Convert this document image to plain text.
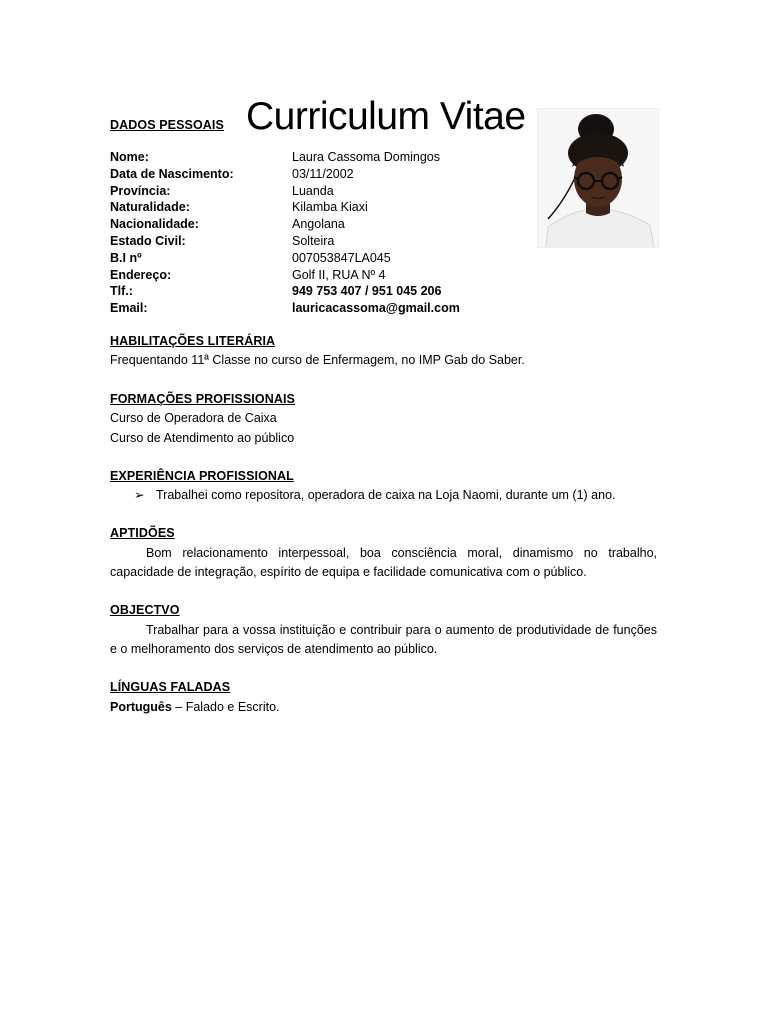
DADOS PESSOAIS Curriculum Vitae
Nome:	Laura Cassoma Domingos
Data de Nascimento:	03/11/2002
Província:	Luanda
Naturalidade:	Kilamba Kiaxi
Nacionalidade:	Angolana
Estado Civil:	Solteira
B.I nº	007053847LA045
Endereço:	Golf II, RUA Nº 4
Tlf.:	949 753 407 / 951 045 206
Email:	lauricacassoma@gmail.com
HABILITAÇÕES LITERÁRIA
Frequentando 11ª Classe no curso de Enfermagem, no IMP Gab do Saber.
FORMAÇÕES PROFISSIONAIS
Curso de Operadora de Caixa
Curso de Atendimento ao público
EXPERIÊNCIA PROFISSIONAL
➢ Trabalhei como repositora, operadora de caixa na Loja Naomi, durante um (1) ano.
APTIDÕES
Bom relacionamento interpessoal, boa consciência moral, dinamismo no trabalho, capacidade de integração, espírito de equipa e facilidade comunicativa com o público.
OBJECTVO
Trabalhar para a vossa instituição e contribuir para o aumento de produtividade de funções e o melhoramento dos serviços de atendimento ao público.
LÍNGUAS FALADAS
Português – Falado e Escrito.
